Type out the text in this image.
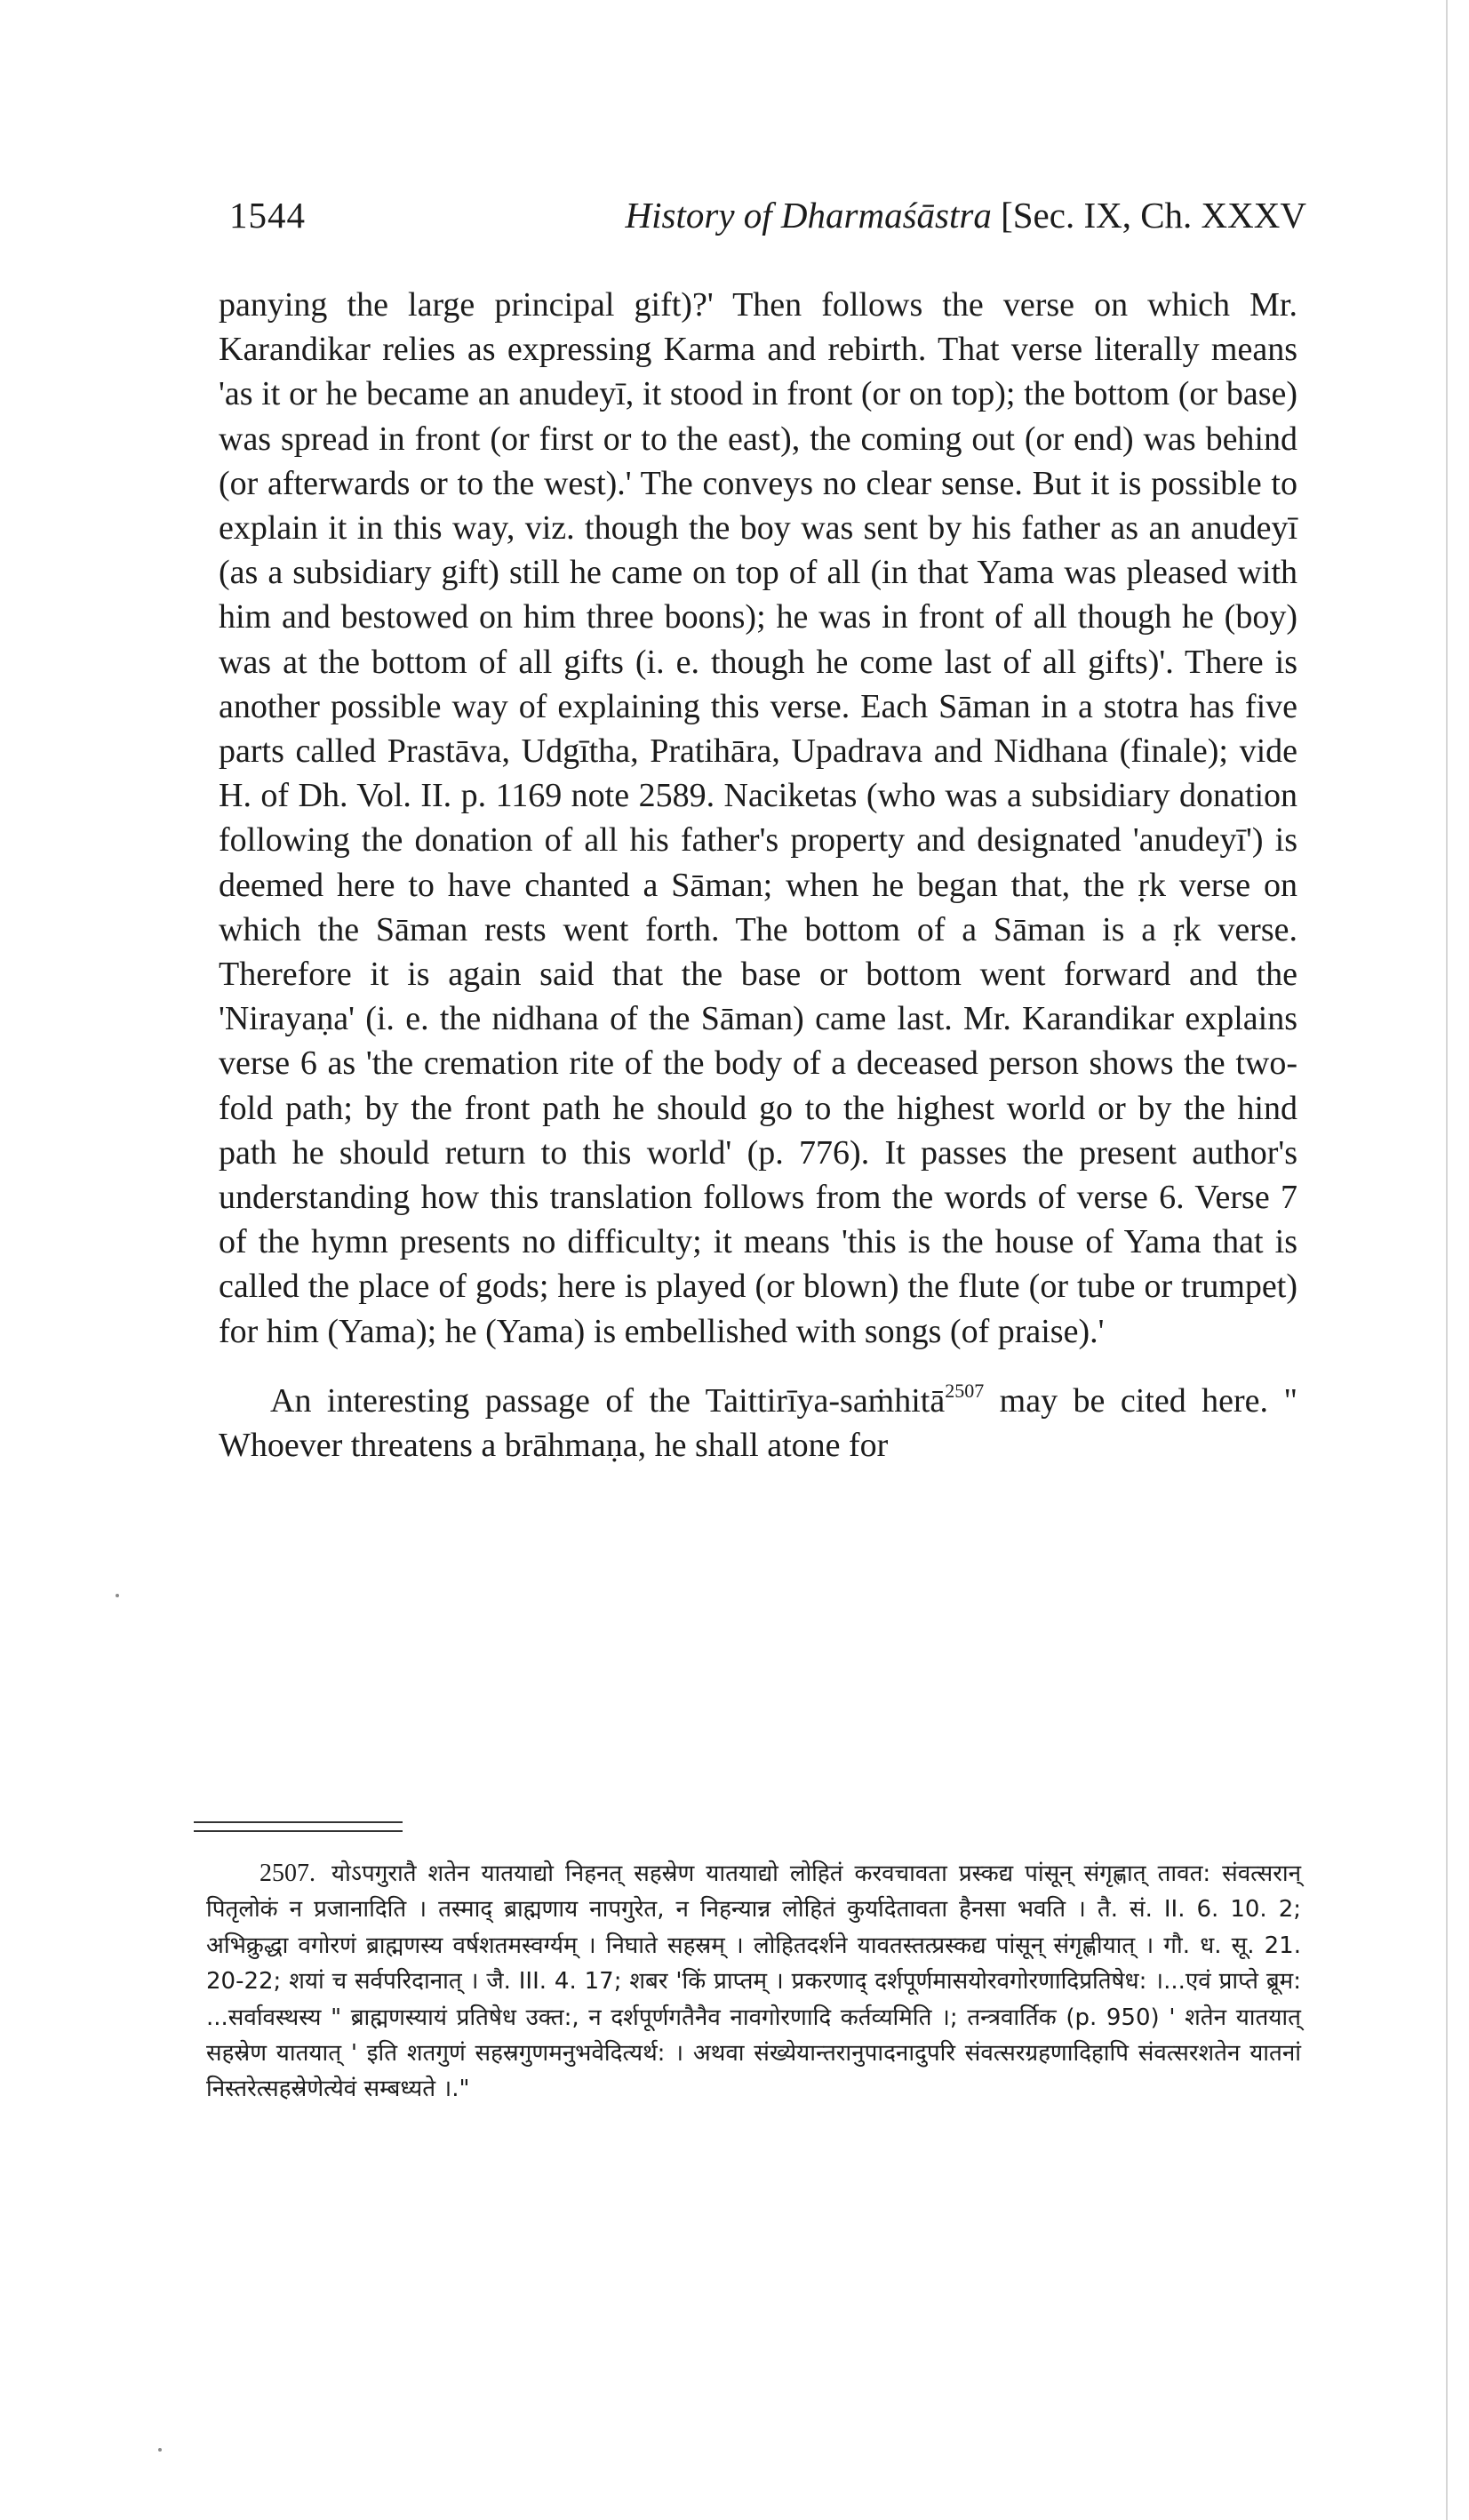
1544	History of Dharmaśāstra [Sec. IX, Ch. XXXV

panying the large principal gift)?' Then follows the verse on which Mr. Karandikar relies as expressing Karma and rebirth. That verse literally means 'as it or he became an anudeyī, it stood in front (or on top); the bottom (or base) was spread in front (or first or to the east), the coming out (or end) was behind (or afterwards or to the west).' The conveys no clear sense. But it is possible to explain it in this way, viz. though the boy was sent by his father as an anudeyī (as a subsidiary gift) still he came on top of all (in that Yama was pleased with him and bestowed on him three boons); he was in front of all though he (boy) was at the bottom of all gifts (i. e. though he come last of all gifts)'. There is another possible way of explaining this verse. Each Sāman in a stotra has five parts called Prastāva, Udgītha, Pratihāra, Upadrava and Nidhana (finale); vide H. of Dh. Vol. II. p. 1169 note 2589. Naciketas (who was a subsidiary donation following the donation of all his father's property and designated 'anudeyī') is deemed here to have chanted a Sāman; when he began that, the ṛk verse on which the Sāman rests went forth. The bottom of a Sāman is a ṛk verse. Therefore it is again said that the base or bottom went forward and the 'Nirayaṇa' (i. e. the nidhana of the Sāman) came last. Mr. Karandikar explains verse 6 as 'the cremation rite of the body of a deceased person shows the two-fold path; by the front path he should go to the highest world or by the hind path he should return to this world' (p. 776). It passes the present author's understanding how this translation follows from the words of verse 6. Verse 7 of the hymn presents no difficulty; it means 'this is the house of Yama that is called the place of gods; here is played (or blown) the flute (or tube or trumpet) for him (Yama); he (Yama) is embellished with songs (of praise).'

An interesting passage of the Taittirīya-saṁhitā$^{2507}$ may be cited here. " Whoever threatens a brāhmaṇa, he shall atone for

2507. योऽपगुरातै शतेन यातयाद्यो निहनत् सहस्रेण यातयाद्यो लोहितं करवचावता प्रस्कद्य पांसून् संगृह्णात् तावत: संवत्सरान् पितृलोकं न प्रजानादिति । तस्माद् ब्राह्मणाय नापगुरेत, न निहन्यान्न लोहितं कुर्यादेतावता हैनसा भवति । तै. सं. II. 6. 10. 2; अभिक्रुद्धा वगोरणं ब्राह्मणस्य वर्षशतमस्वर्ग्यम् । निघाते सहस्रम् । लोहितदर्शने यावतस्तत्प्रस्कद्य पांसून् संगृह्णीयात् । गौ. ध. सू. 21. 20-22; शयां च सर्वपरिदानात् । जै. III. 4. 17; शबर 'किं प्राप्तम् । प्रकरणाद् दर्शपूर्णमासयोरवगोरणादिप्रतिषेध: ।...एवं प्राप्ते ब्रूम: ...सर्वावस्थस्य " ब्राह्मणस्यायं प्रतिषेध उक्त:, न दर्शपूर्णगतैनैव नावगोरणादि कर्तव्यमिति ।; तन्त्रवार्तिक (p. 950) ' शतेन यातयात् सहस्रेण यातयात् ' इति शतगुणं सहस्रगुणमनुभवेदित्यर्थ: । अथवा संख्येयान्तरानुपादनादुपरि संवत्सरग्रहणादिहापि संवत्सरशतेन यातनां निस्तरेत्सहस्रेणेत्येवं सम्बध्यते ।."
